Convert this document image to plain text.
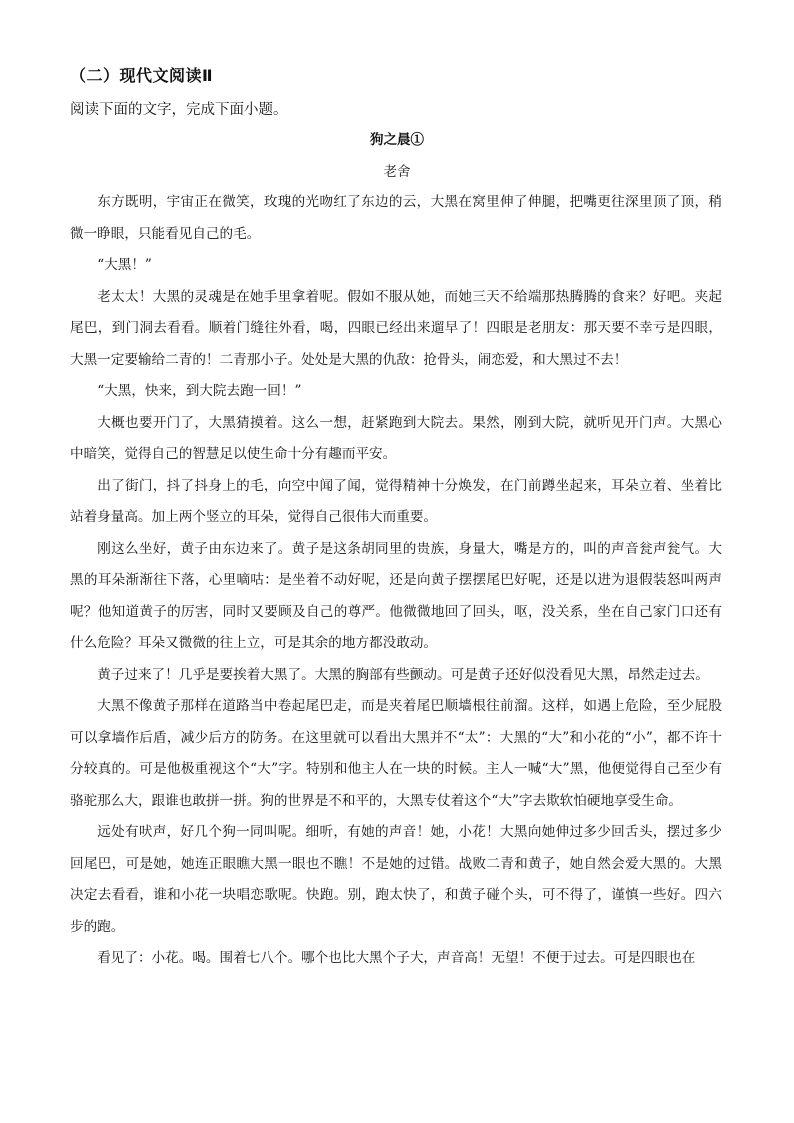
（二）现代文阅读Ⅱ
阅读下面的文字，完成下面小题。
狗之晨①
老舍

东方既明，宇宙正在微笑，玫瑰的光吻红了东边的云，大黑在窝里伸了伸腿，把嘴更往深里顶了顶，稍微一睁眼，只能看见自己的毛。

“大黑！”

老太太！大黑的灵魂是在她手里拿着呢。假如不服从她，而她三天不给端那热腾腾的食来？好吧。夹起尾巴，到门洞去看看。顺着门缝往外看，喝，四眼已经出来遛早了！四眼是老朋友：那天要不幸亏是四眼，大黑一定要输给二青的！二青那小子。处处是大黑的仇敌：抢骨头，闹恋爱，和大黑过不去！

“大黑，快来，到大院去跑一回！”

大概也要开门了，大黑猜摸着。这么一想，赶紧跑到大院去。果然，刚到大院，就听见开门声。大黑心中暗笑，觉得自己的智慧足以使生命十分有趣而平安。

出了街门，抖了抖身上的毛，向空中闻了闻，觉得精神十分焕发，在门前蹲坐起来，耳朵立着、坐着比站着身量高。加上两个竖立的耳朵，觉得自己很伟大而重要。

刚这么坐好，黄子由东边来了。黄子是这条胡同里的贵族，身量大，嘴是方的，叫的声音瓮声瓮气。大黑的耳朵渐渐往下落，心里嘀咕：是坐着不动好呢，还是向黄子摆摆尾巴好呢，还是以进为退假装怒叫两声呢？他知道黄子的厉害，同时又要顾及自己的尊严。他微微地回了回头，呕，没关系，坐在自己家门口还有什么危险？耳朵又微微的往上立，可是其余的地方都没敢动。

黄子过来了！几乎是要挨着大黑了。大黑的胸部有些颤动。可是黄子还好似没看见大黑，昂然走过去。

大黑不像黄子那样在道路当中卷起尾巴走，而是夹着尾巴顺墙根往前溜。这样，如遇上危险，至少屁股可以拿墙作后盾，减少后方的防务。在这里就可以看出大黑并不“太”：大黑的“大”和小花的“小”，都不许十分较真的。可是他极重视这个“大”字。特别和他主人在一块的时候。主人一喊“大”黑，他便觉得自己至少有骆驼那么大，跟谁也敢拼一拼。狗的世界是不和平的，大黑专仗着这个“大”字去欺软怕硬地享受生命。

远处有吠声，好几个狗一同叫呢。细听，有她的声音！她，小花！大黑向她伸过多少回舌头，摆过多少回尾巴，可是她，她连正眼瞧大黑一眼也不瞧！不是她的过错。战败二青和黄子，她自然会爱大黑的。大黑决定去看看，谁和小花一块唱恋歌呢。快跑。别，跑太快了，和黄子碰个头，可不得了，谨慎一些好。四六步的跑。

看见了：小花。喝。围着七八个。哪个也比大黑个子大，声音高！无望！不便于过去。可是四眼也在
